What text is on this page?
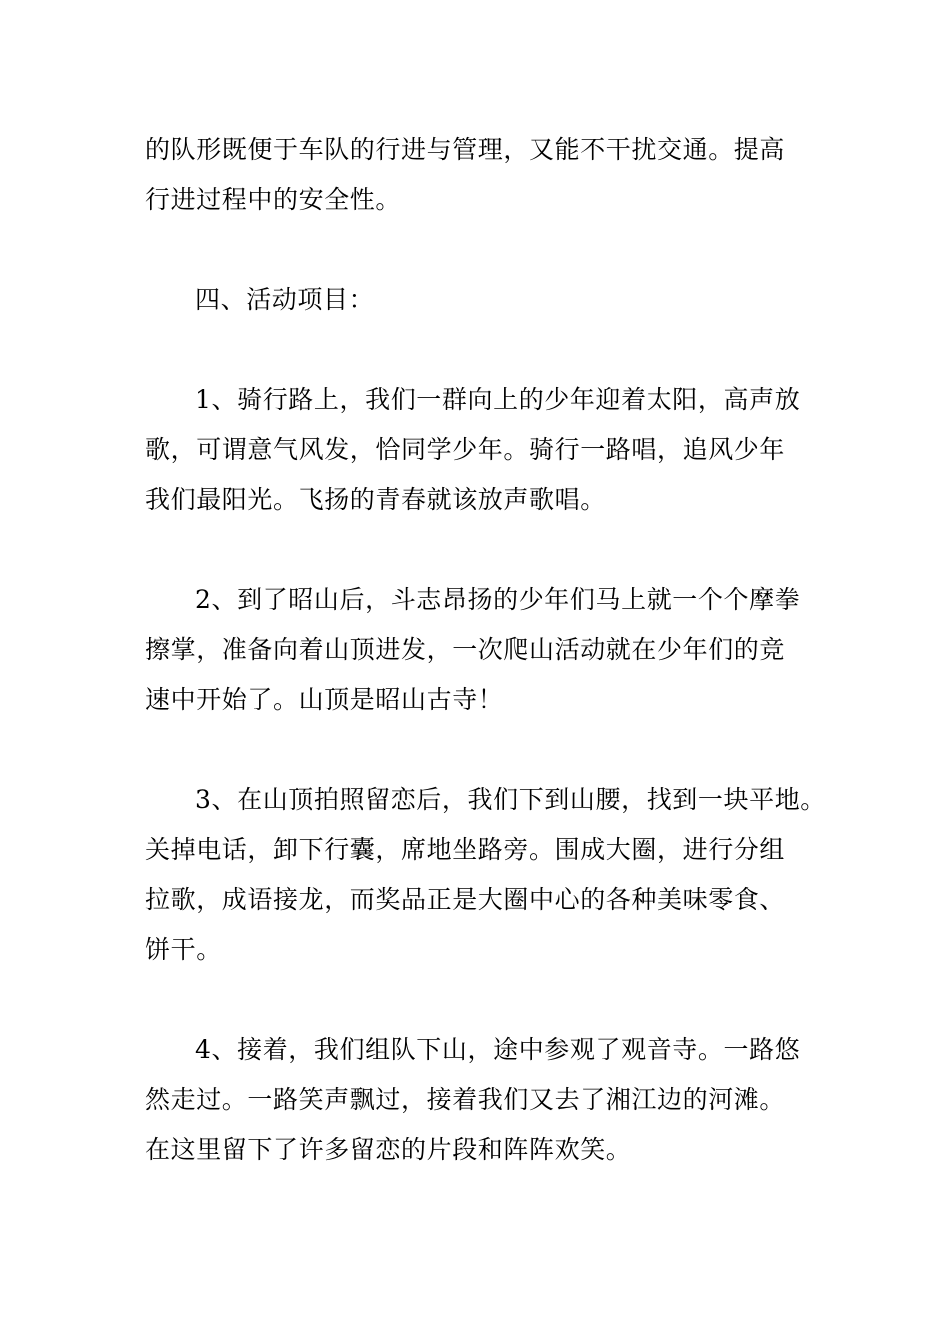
的队形既便于车队的行进与管理，又能不干扰交通。提高
行进过程中的安全性。
四、活动项目：
1、骑行路上，我们一群向上的少年迎着太阳，高声放
歌，可谓意气风发，恰同学少年。骑行一路唱，追风少年
我们最阳光。飞扬的青春就该放声歌唱。
2、到了昭山后，斗志昂扬的少年们马上就一个个摩拳
擦掌，准备向着山顶进发，一次爬山活动就在少年们的竞
速中开始了。山顶是昭山古寺！
3、在山顶拍照留恋后，我们下到山腰，找到一块平地。
关掉电话，卸下行囊，席地坐路旁。围成大圈，进行分组
拉歌，成语接龙，而奖品正是大圈中心的各种美味零食、
饼干。
4、接着，我们组队下山，途中参观了观音寺。一路悠
然走过。一路笑声飘过，接着我们又去了湘江边的河滩。
在这里留下了许多留恋的片段和阵阵欢笑。
